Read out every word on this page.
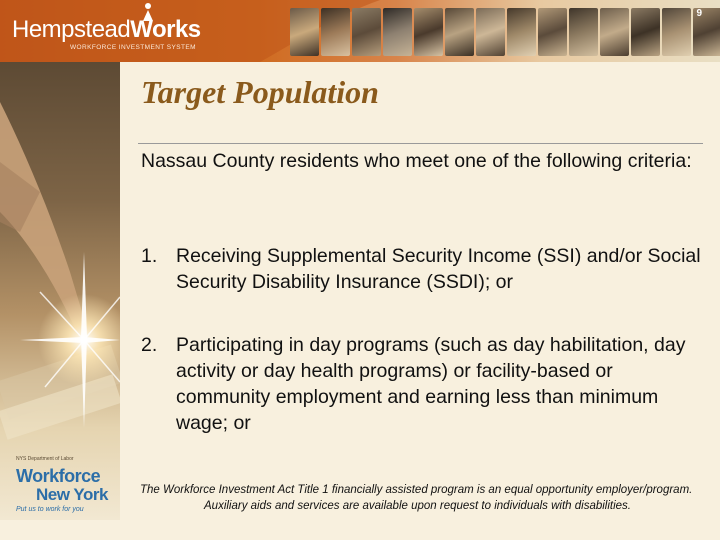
HempsteadWorks
WORKFORCE INVESTMENT SYSTEM
9
NYS Department of Labor
Workforce
New York
Put us to work for you
Target Population
Nassau County residents who meet one of the following criteria:
1. Receiving Supplemental Security Income (SSI) and/or Social Security Disability Insurance (SSDI); or
2. Participating in day programs (such as day habilitation, day activity or day health programs) or facility-based or community employment and earning less than minimum wage; or
The Workforce Investment Act Title 1 financially assisted program is an equal opportunity employer/program.
Auxiliary aids and services are available upon request to individuals with disabilities.
